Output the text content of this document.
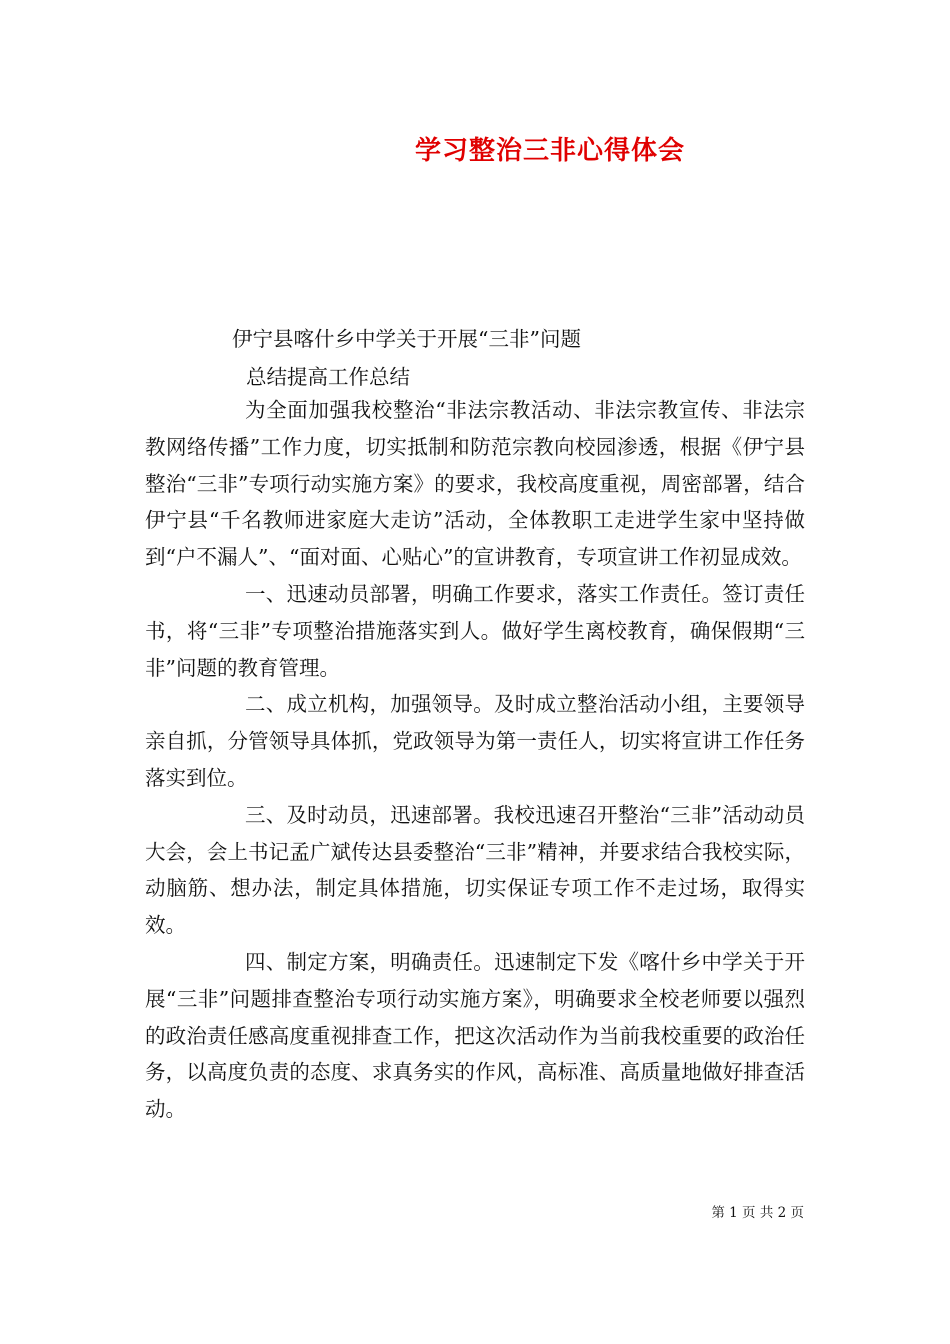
学习整治三非心得体会
伊宁县喀什乡中学关于开展“三非”问题
总结提高工作总结

为全面加强我校整治“非法宗教活动、非法宗教宣传、非法宗教网络传播”工作力度，切实抵制和防范宗教向校园渗透，根据《伊宁县整治“三非”专项行动实施方案》的要求，我校高度重视，周密部署，结合伊宁县“千名教师进家庭大走访”活动，全体教职工走进学生家中坚持做到“户不漏人”、“面对面、心贴心”的宣讲教育，专项宣讲工作初显成效。

一、迅速动员部署，明确工作要求，落实工作责任。签订责任书，将“三非”专项整治措施落实到人。做好学生离校教育，确保假期“三非”问题的教育管理。

二、成立机构，加强领导。及时成立整治活动小组，主要领导亲自抓，分管领导具体抓，党政领导为第一责任人，切实将宣讲工作任务落实到位。

三、及时动员，迅速部署。我校迅速召开整治“三非”活动动员大会，会上书记孟广斌传达县委整治“三非”精神，并要求结合我校实际，动脑筋、想办法，制定具体措施，切实保证专项工作不走过场，取得实效。

四、制定方案，明确责任。迅速制定下发《喀什乡中学关于开展“三非”问题排查整治专项行动实施方案》，明确要求全校老师要以强烈的政治责任感高度重视排查工作，把这次活动作为当前我校重要的政治任务，以高度负责的态度、求真务实的作风，高标准、高质量地做好排查活动。

第 1 页 共 2 页
